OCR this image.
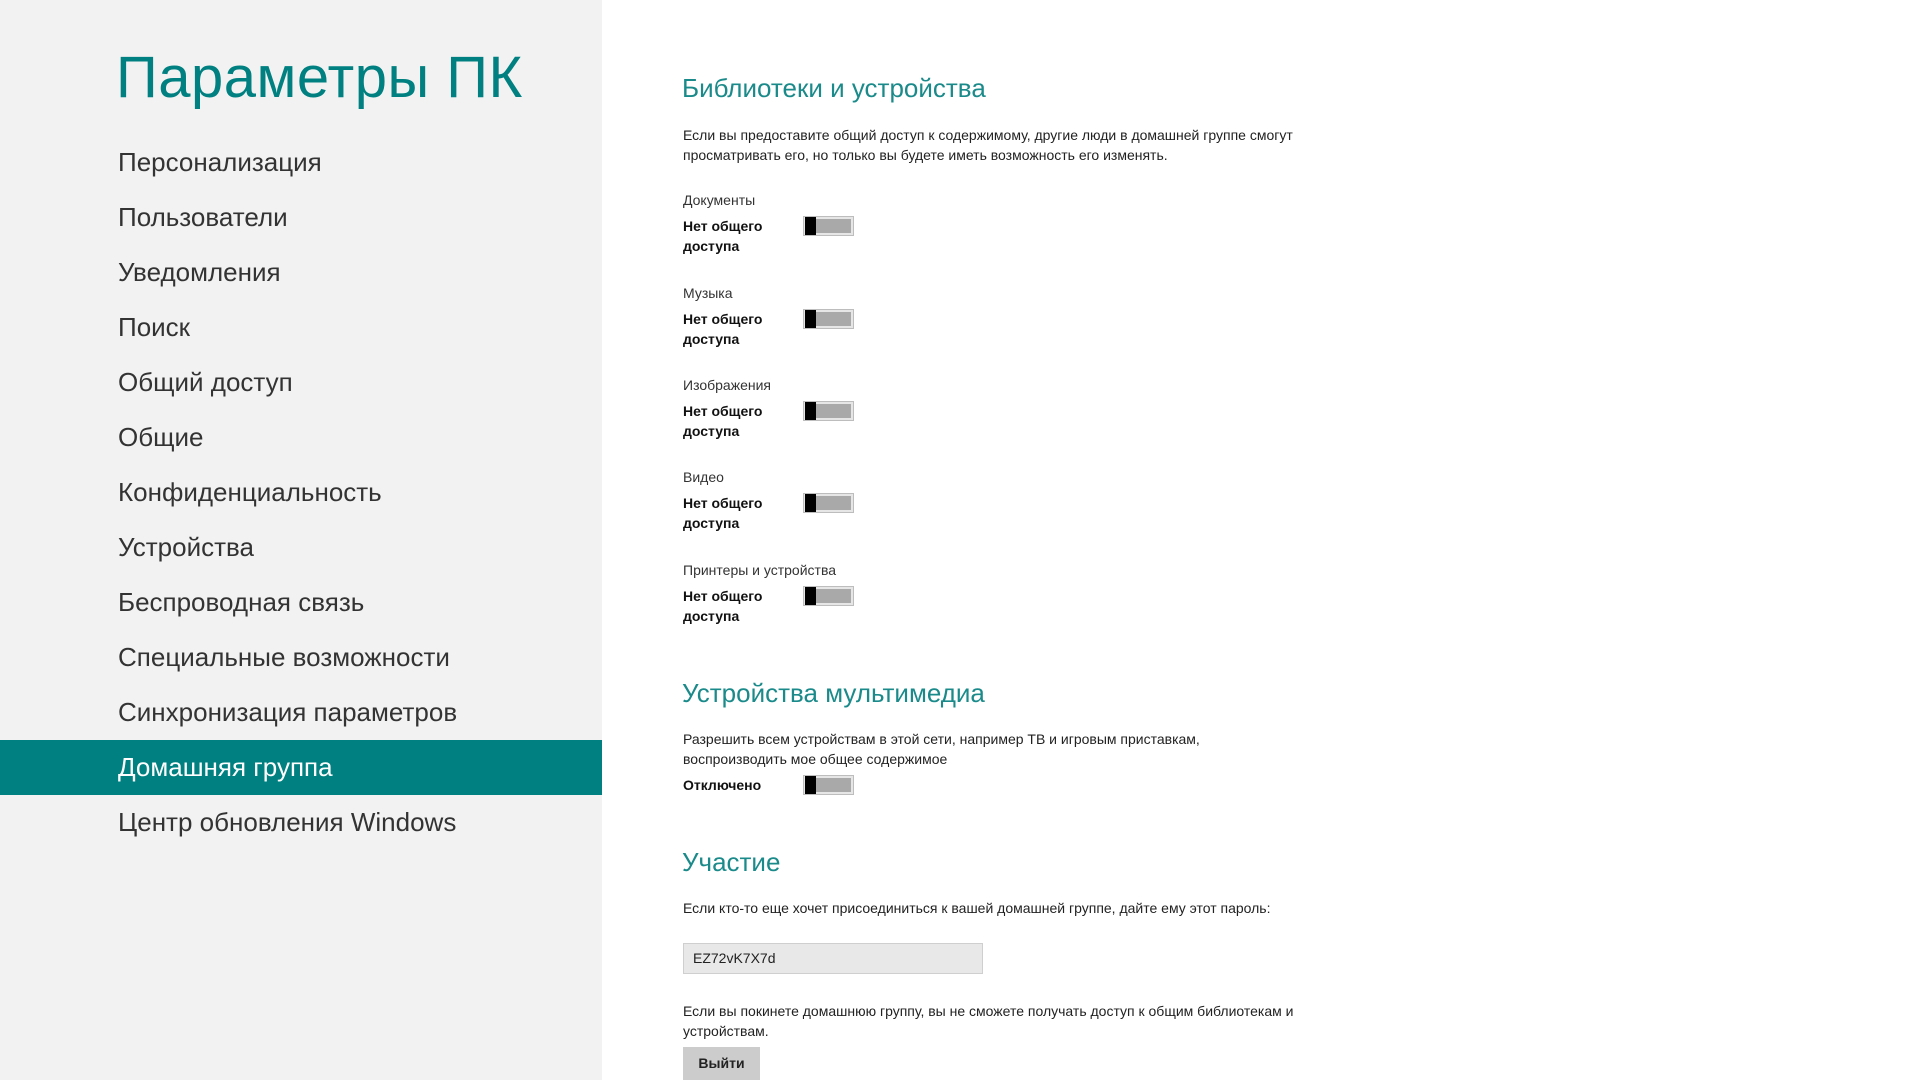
Параметры ПК
Персонализация
Пользователи
Уведомления
Поиск
Общий доступ
Общие
Конфиденциальность
Устройства
Беспроводная связь
Специальные возможности
Синхронизация параметров
Домашняя группа
Центр обновления Windows
Библиотеки и устройства
Если вы предоставите общий доступ к содержимому, другие люди в домашней группе смогут просматривать его, но только вы будете иметь возможность его изменять.
Документы
Нет общего доступа
Музыка
Нет общего доступа
Изображения
Нет общего доступа
Видео
Нет общего доступа
Принтеры и устройства
Нет общего доступа
Устройства мультимедиа
Разрешить всем устройствам в этой сети, например ТВ и игровым приставкам, воспроизводить мое общее содержимое
Отключено
Участие
Если кто-то еще хочет присоединиться к вашей домашней группе, дайте ему этот пароль:
EZ72vK7X7d
Если вы покинете домашнюю группу, вы не сможете получать доступ к общим библиотекам и устройствам.
Выйти
